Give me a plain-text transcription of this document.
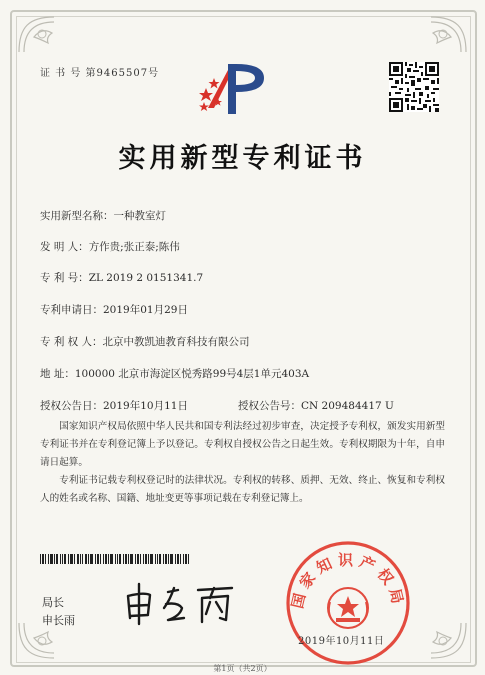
证 书 号 第9465507号
实用新型专利证书
实用新型名称：一种教室灯
发 明 人：方作贵;张正泰;陈伟
专 利 号：ZL 2019 2 0151341.7
专利申请日：2019年01月29日
专 利 权 人：北京中教凯迪教育科技有限公司
地 址：100000 北京市海淀区悦秀路99号4层1单元403A
授权公告日：2019年10月11日	授权公告号：CN 209484417 U
国家知识产权局依照中华人民共和国专利法经过初步审查，决定授予专利权，颁发实用新型专利证书并在专利登记簿上予以登记。专利权自授权公告之日起生效。专利权期限为十年，自申请日起算。
专利证书记载专利权登记时的法律状况。专利权的转移、质押、无效、终止、恢复和专利权人的姓名或名称、国籍、地址变更等事项记载在专利登记簿上。
局长
申长雨
国家知识产权局
2019年10月11日
第1页（共2页）
